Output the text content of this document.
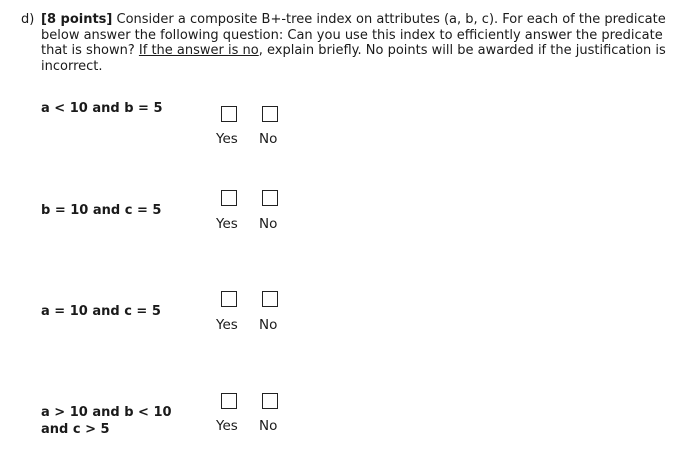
d) [8 points] Consider a composite B+-tree index on attributes (a, b, c). For each of the predicate below answer the following question: Can you use this index to efficiently answer the predicate that is shown? If the answer is no, explain briefly. No points will be awarded if the justification is incorrect.
a < 10 and b = 5
Yes No
b = 10 and c = 5
Yes No
a = 10 and c = 5
Yes No
a > 10 and b < 10
and c > 5	Yes No
